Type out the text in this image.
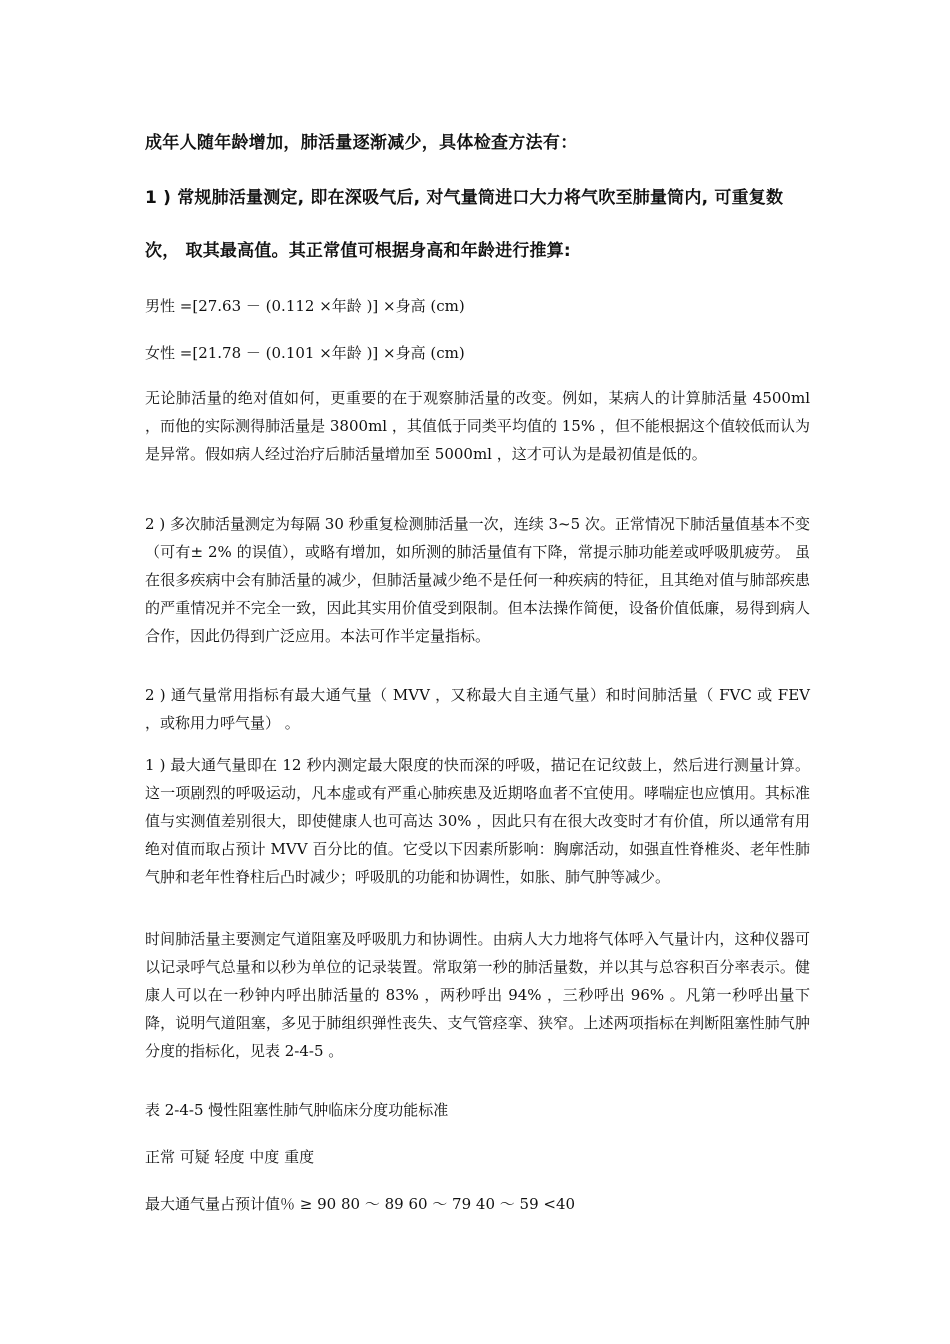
成年人随年龄增加，肺活量逐渐减少，具体检查方法有：
1 ) 常规肺活量测定, 即在深吸气后, 对气量筒进口大力将气吹至肺量筒内, 可重复数次， 取其最高值。其正常值可根据身高和年龄进行推算:
男性 =[27.63 － (0.112 ×年龄 )] ×身高 (cm)
女性 =[21.78 － (0.101 ×年龄 )] ×身高 (cm)
无论肺活量的绝对值如何，更重要的在于观察肺活量的改变。例如，某病人的计算肺活量 4500ml ，而他的实际测得肺活量是 3800ml ，其值低于同类平均值的 15% ，但不能根据这个值较低而认为是异常。假如病人经过治疗后肺活量增加至 5000ml ，这才可认为是最初值是低的。
2 ) 多次肺活量测定为每隔 30 秒重复检测肺活量一次，连续 3~5 次。正常情况下肺活量值基本不变（可有± 2% 的误值），或略有增加，如所测的肺活量值有下降，常提示肺功能差或呼吸肌疲劳。 虽在很多疾病中会有肺活量的减少，但肺活量减少绝不是任何一种疾病的特征，且其绝对值与肺部疾患的严重情况并不完全一致，因此其实用价值受到限制。但本法操作简便，设备价值低廉，易得到病人合作，因此仍得到广泛应用。本法可作半定量指标。
2 ) 通气量常用指标有最大通气量（ MVV ，又称最大自主通气量）和时间肺活量（ FVC 或 FEV ，或称用力呼气量） 。
1 ) 最大通气量即在 12 秒内测定最大限度的快而深的呼吸，描记在记纹鼓上，然后进行测量计算。这一项剧烈的呼吸运动，凡本虚或有严重心肺疾患及近期咯血者不宜使用。哮喘症也应慎用。其标准值与实测值差别很大，即使健康人也可高达 30% ，因此只有在很大改变时才有价值，所以通常有用绝对值而取占预计 MVV 百分比的值。它受以下因素所影响：胸廓活动，如强直性脊椎炎、老年性肺气肿和老年性脊柱后凸时减少；呼吸肌的功能和协调性，如胀、肺气肿等减少。
时间肺活量主要测定气道阻塞及呼吸肌力和协调性。由病人大力地将气体呼入气量计内，这种仪器可以记录呼气总量和以秒为单位的记录装置。常取第一秒的肺活量数，并以其与总容积百分率表示。健康人可以在一秒钟内呼出肺活量的 83% ，两秒呼出 94% ，三秒呼出 96% 。凡第一秒呼出量下降，说明气道阻塞，多见于肺组织弹性丧失、支气管痉挛、狭窄。上述两项指标在判断阻塞性肺气肿分度的指标化，见表 2-4-5 。
表 2-4-5 慢性阻塞性肺气肿临床分度功能标准
正常 可疑 轻度 中度 重度
最大通气量占预计值％ ≥ 90 80 ～ 89 60 ～ 79 40 ～ 59 <40
